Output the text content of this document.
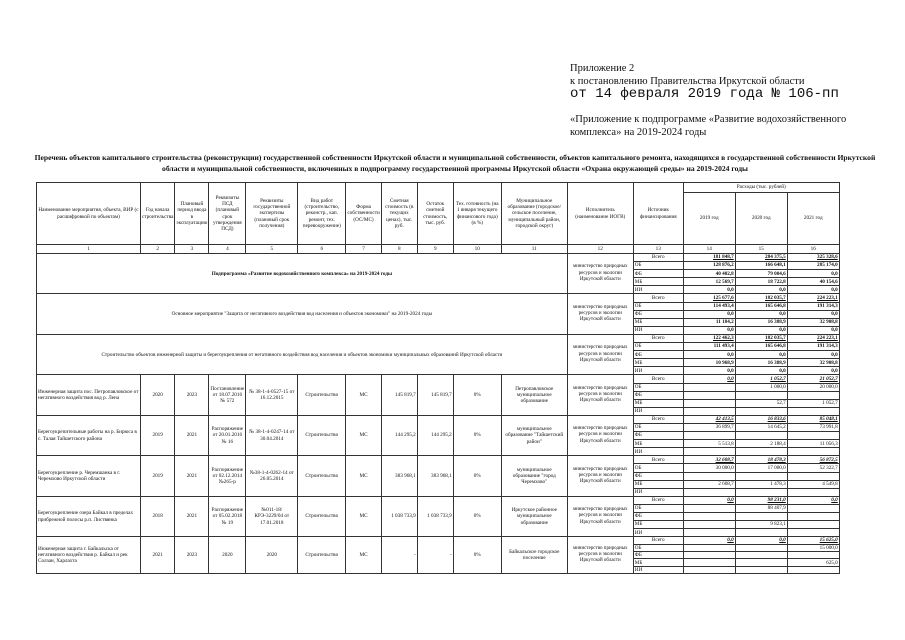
Приложение 2
к постановлению Правительства Иркутской области
от 14 февраля 2019 года № 106-пп
«Приложение к подпрограмме «Развитие водохозяйственного
комплекса» на 2019-2024 годы
Перечень объектов капитального строительства (реконструкции) государственной собственности Иркутской области и муниципальной собственности, объектов капитального ремонта, находящихся в государственной собственности Иркутской области и муниципальной собственности, включенных в подпрограмму государственной программы Иркутской области «Охрана окружающей среды» на 2019-2024 годы
Наименование мероприятия, объекта, ВИР (с расшифровкой по объектам)	Год начала строительства	Плановый период ввода в эксплуатацию	Реквизиты ПСД (плановый срок утверждения ПСД)	Реквизиты государственной экспертизы (плановый срок получения)	Вид работ (строительство, реконстр., кап. ремонт, тех. перевооружение)	Форма собственности (ОС/МС)	Сметная стоимость (в текущих ценах), тыс. руб.	Остаток сметной стоимость, тыс. руб.	Тех. готовность (на 1 января текущего финансового года) (в %)	Муниципальное образование (городское/сельское поселение, муниципальный район, городской округ)	Исполнитель (наименование ИОГВ)	Источник финансирования	Расходы (тыс. рублей)		
													2019 год	2020 год	2021 год
1	2	3	4	5	6	7	8	9	10	11	12	13	14	15	16
Подпрограмма «Развитие водохозяйственного комплекса» на 2019-2024 годы											министерство природных ресурсов и экологии Иркутской области	Всего	181 848,7	284 375,5	325 328,6
												ОБ	128 876,2	166 648,1	285 174,0
												ФБ	40 402,8	79 004,6	0,0
												МБ	12 569,7	18 722,8	40 154,6
												ИИ	0,0	0,0	0,0
Основное мероприятие "Защита от негативного воздействия вод населения и объектов экономики" на 2019-2024 годы											министерство природных ресурсов и экологии Иркутской области	Всего	125 677,6	182 035,7	224 223,1
												ОБ	114 493,4	165 646,8	191 314,3
												ФБ	0,0	0,0	0,0
												МБ	11 184,2	16 388,9	32 908,8
												ИИ	0,0	0,0	0,0
Строительство объектов инженерной защиты и берегоукрепления от негативного воздействия вод населения и объектов экономики муниципальных образований Иркутской области											министерство природных ресурсов и экологии Иркутской области	Всего	122 462,3	182 035,7	224 223,1
												ОБ	111 493,4	165 646,8	191 314,3
												ФБ	0,0	0,0	0,0
												МБ	10 968,9	16 388,9	32 908,8
												ИИ	0,0	0,0	0,0
Инженерная защита пос. Петропавловское от негативного воздействия вод р. Лена	2020	2023	Постановление от 18.07.2016 № 572	№ 38-1-4-0527-15 от 16.12.2015	Строительство	МС	145 819,7	145 819,7	0%	Петропавловское муниципальное образование	министерство природных ресурсов и экологии Иркутской области	Всего	0,0	1 052,7	21 052,7
												ОБ		1 000,0	20 000,0
												ФБ			
												МБ		52,7	1 052,7
												ИИ			
Берегоукрепительные работы на р. Бирюса в с. Талая Тайшетского района	2019	2021	Распоряжение от 20.01.2016 № 16	№ 38-1-4-0247-14 от 30.04.2014	Строительство	МС	144 295,2	144 295,2	0%	муниципальное образование "Тайшетский район"	министерство природных ресурсов и экологии Иркутской области	Всего	42 413,5	16 833,6	85 048,1
												ОБ	36 899,7	14 645,2	73 991,8
												ФБ			
												МБ	5 513,8	2 188,4	11 056,3
												ИИ			
Берегоукрепление р. Черемшанка в г. Черемхово Иркутской области	2019	2021	Распоряжение от 02.12.2014 №265-р	№38-1-4-0262-14 от 26.05.2014	Строительство	МС	383 968,1	383 968,1	0%	муниципальное образование "город Черемхово"	министерство природных ресурсов и экологии Иркутской области	Всего	32 608,7	18 478,3	56 872,5
												ОБ	30 000,0	17 000,0	52 322,7
												ФБ			
												МБ	2 608,7	1 478,3	4 549,8
												ИИ			
Берегоукрепление озера Байкал в пределах прибрежной полосы р.п. Листвянка	2018	2021	Распоряжение от 05.02.2018 № 19	№011-18/КРЭ-3229/04 от 17.01.2018	Строительство	МС	1 038 733,9	1 038 733,9	0%	Иркутское районное муниципальное образование	министерство природных ресурсов и экологии Иркутской области	Всего	0,0	98 231,0	0,0
												ОБ		88 407,9	
												ФБ			
												МБ		9 823,1	
												ИИ			
Инженерная защита г. Байкальска от негативного воздействия р. Байкал и рек Солзан, Харлахта	2021	2023	2020	2020	Строительство	МС	-	-	0%	Байкальское городское поселение	министерство природных ресурсов и экологии Иркутской области	Всего	0,0	0,0	15 625,0
												ОБ			15 000,0
												ФБ			
												МБ			625,0
												ИИ			
